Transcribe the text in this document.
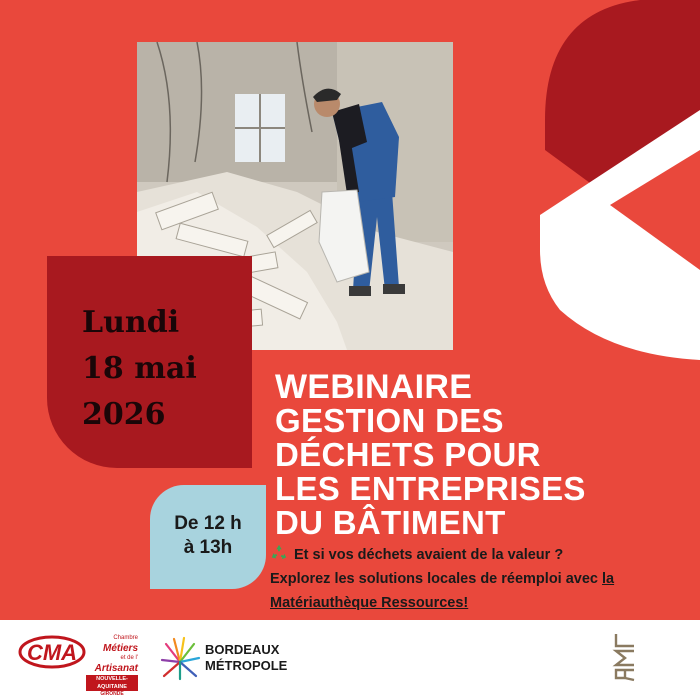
Lundi
18 mai
2026
De 12 h
à 13h
WEBINAIRE
GESTION DES
DÉCHETS POUR
LES ENTREPRISES
DU BÂTIMENT
Et si vos déchets avaient de la valeur ?
Explorez les solutions locales de réemploi avec la
Matériauthèque Ressources!
CMA
Chambre
Métiers
et de l'
Artisanat
NOUVELLE-AQUITAINE
GIRONDE
BORDEAUX
MÉTROPOLE
